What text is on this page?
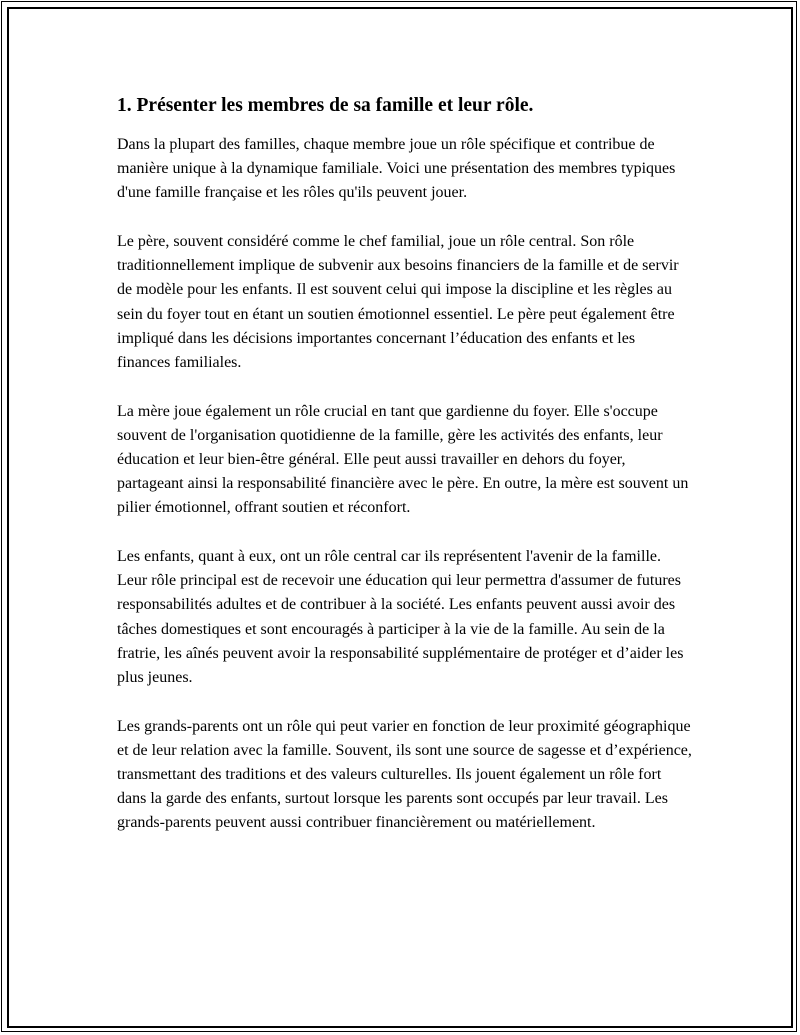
1. Présenter les membres de sa famille et leur rôle.

Dans la plupart des familles, chaque membre joue un rôle spécifique et contribue de manière unique à la dynamique familiale. Voici une présentation des membres typiques d'une famille française et les rôles qu'ils peuvent jouer.

Le père, souvent considéré comme le chef familial, joue un rôle central. Son rôle traditionnellement implique de subvenir aux besoins financiers de la famille et de servir de modèle pour les enfants. Il est souvent celui qui impose la discipline et les règles au sein du foyer tout en étant un soutien émotionnel essentiel. Le père peut également être impliqué dans les décisions importantes concernant l’éducation des enfants et les finances familiales.

La mère joue également un rôle crucial en tant que gardienne du foyer. Elle s'occupe souvent de l'organisation quotidienne de la famille, gère les activités des enfants, leur éducation et leur bien-être général. Elle peut aussi travailler en dehors du foyer, partageant ainsi la responsabilité financière avec le père. En outre, la mère est souvent un pilier émotionnel, offrant soutien et réconfort.

Les enfants, quant à eux, ont un rôle central car ils représentent l'avenir de la famille. Leur rôle principal est de recevoir une éducation qui leur permettra d'assumer de futures responsabilités adultes et de contribuer à la société. Les enfants peuvent aussi avoir des tâches domestiques et sont encouragés à participer à la vie de la famille. Au sein de la fratrie, les aînés peuvent avoir la responsabilité supplémentaire de protéger et d’aider les plus jeunes.

Les grands-parents ont un rôle qui peut varier en fonction de leur proximité géographique et de leur relation avec la famille. Souvent, ils sont une source de sagesse et d’expérience, transmettant des traditions et des valeurs culturelles. Ils jouent également un rôle fort dans la garde des enfants, surtout lorsque les parents sont occupés par leur travail. Les grands-parents peuvent aussi contribuer financièrement ou matériellement.
